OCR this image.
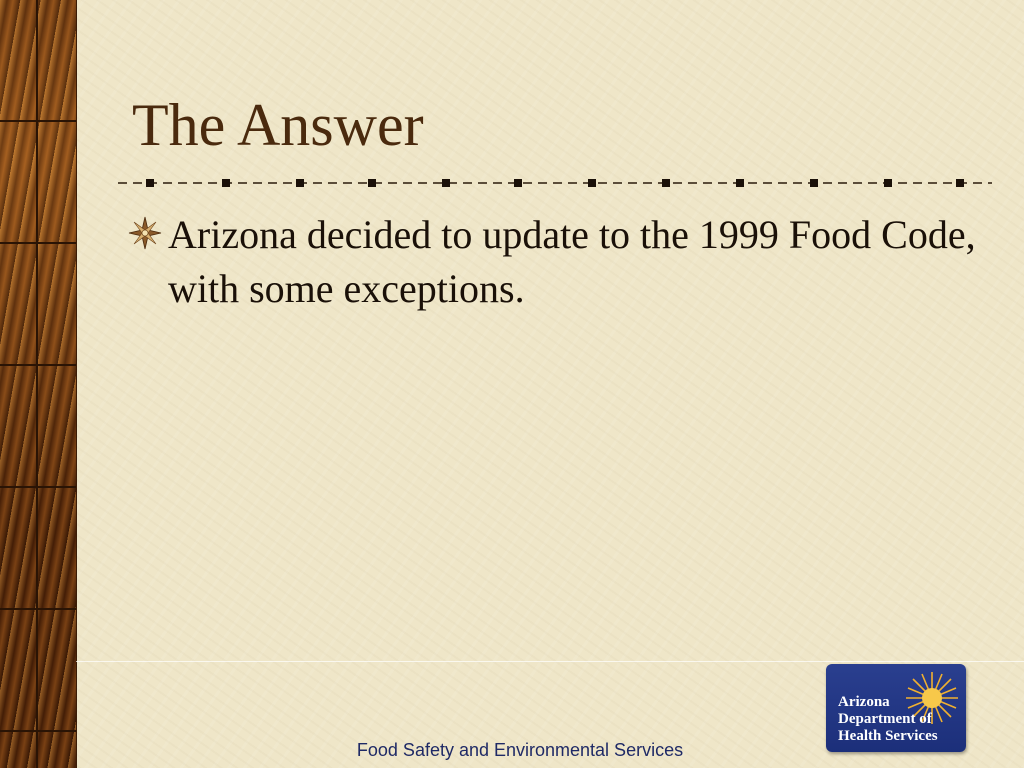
The Answer
Arizona decided to update to the 1999 Food Code, with some exceptions.
Food Safety and Environmental Services
Arizona
Department of
Health Services
